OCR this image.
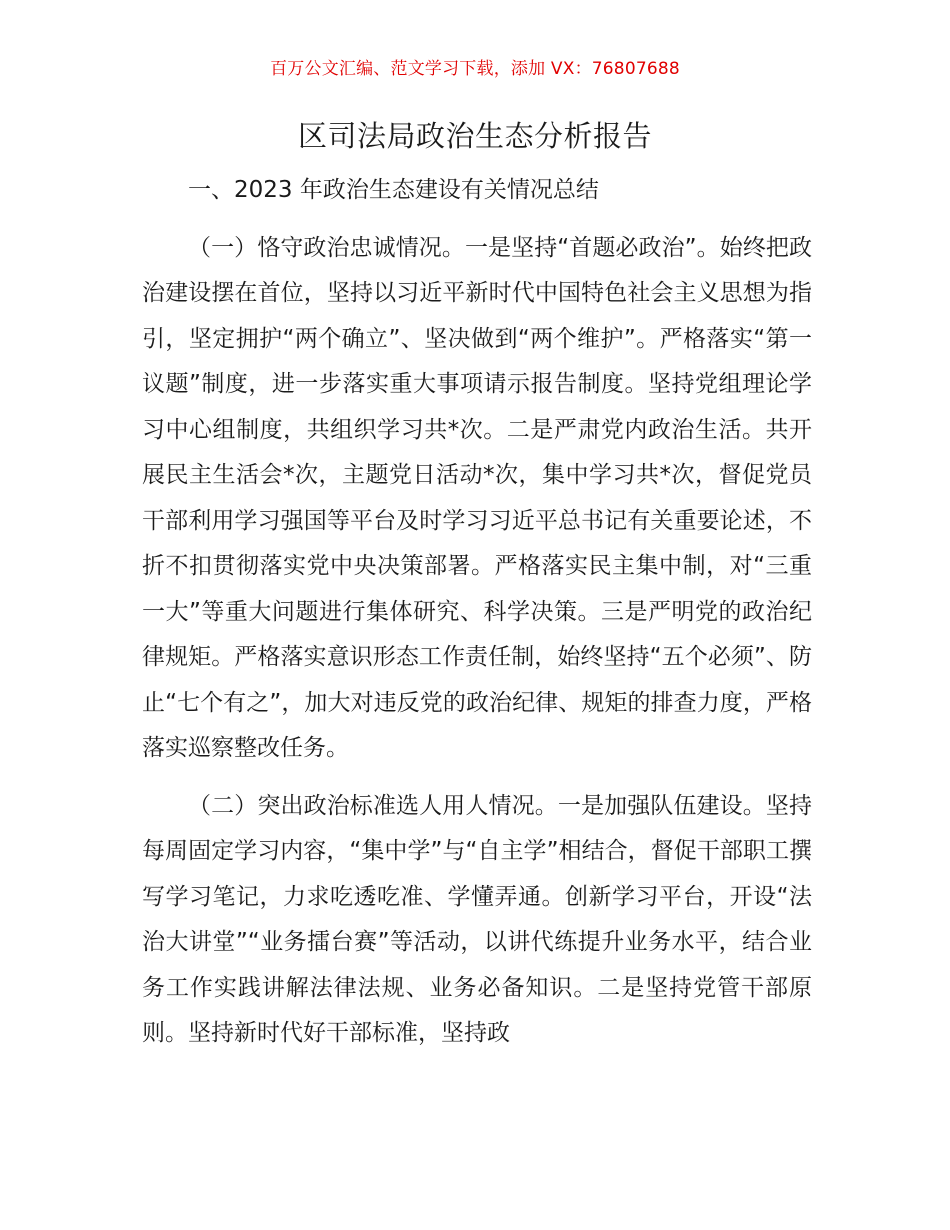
百万公文汇编、范文学习下载，添加 VX：76807688
区司法局政治生态分析报告

一、2023 年政治生态建设有关情况总结

（一）恪守政治忠诚情况。一是坚持“首题必政治”。始终把政治建设摆在首位，坚持以习近平新时代中国特色社会主义思想为指引，坚定拥护“两个确立”、坚决做到“两个维护”。严格落实“第一议题”制度，进一步落实重大事项请示报告制度。坚持党组理论学习中心组制度，共组织学习共*次。二是严肃党内政治生活。共开展民主生活会*次，主题党日活动*次，集中学习共*次，督促党员干部利用学习强国等平台及时学习习近平总书记有关重要论述，不折不扣贯彻落实党中央决策部署。严格落实民主集中制，对“三重一大”等重大问题进行集体研究、科学决策。三是严明党的政治纪律规矩。严格落实意识形态工作责任制，始终坚持“五个必须”、防止“七个有之”，加大对违反党的政治纪律、规矩的排查力度，严格落实巡察整改任务。

（二）突出政治标准选人用人情况。一是加强队伍建设。坚持每周固定学习内容，“集中学”与“自主学”相结合，督促干部职工撰写学习笔记，力求吃透吃准、学懂弄通。创新学习平台，开设“法治大讲堂”“业务擂台赛”等活动，以讲代练提升业务水平，结合业务工作实践讲解法律法规、业务必备知识。二是坚持党管干部原则。坚持新时代好干部标准，坚持政
